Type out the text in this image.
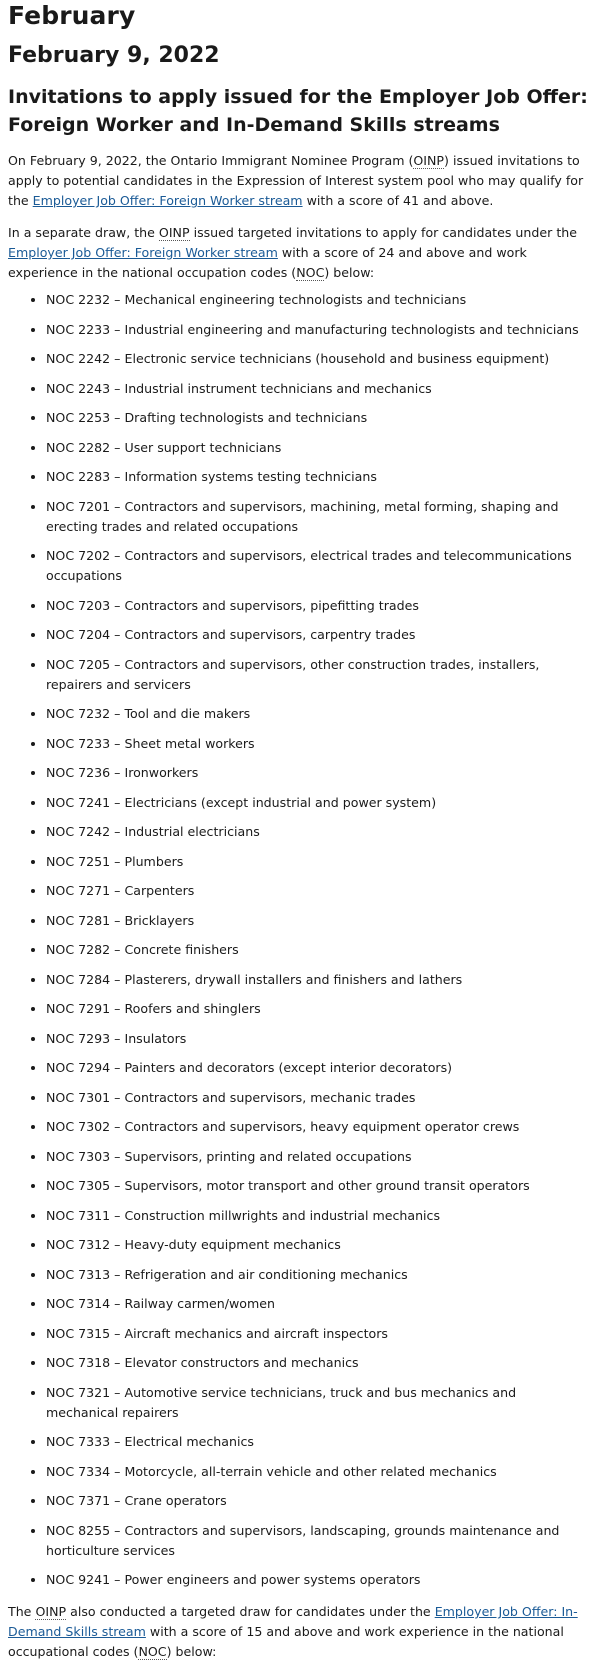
February
February 9, 2022
Invitations to apply issued for the Employer Job Offer: Foreign Worker and In-Demand Skills streams

On February 9, 2022, the Ontario Immigrant Nominee Program (OINP) issued invitations to apply to potential candidates in the Expression of Interest system pool who may qualify for the Employer Job Offer: Foreign Worker stream with a score of 41 and above.

In a separate draw, the OINP issued targeted invitations to apply for candidates under the Employer Job Offer: Foreign Worker stream with a score of 24 and above and work experience in the national occupation codes (NOC) below:

• NOC 2232 – Mechanical engineering technologists and technicians
• NOC 2233 – Industrial engineering and manufacturing technologists and technicians
• NOC 2242 – Electronic service technicians (household and business equipment)
• NOC 2243 – Industrial instrument technicians and mechanics
• NOC 2253 – Drafting technologists and technicians
• NOC 2282 – User support technicians
• NOC 2283 – Information systems testing technicians
• NOC 7201 – Contractors and supervisors, machining, metal forming, shaping and erecting trades and related occupations
• NOC 7202 – Contractors and supervisors, electrical trades and telecommunications occupations
• NOC 7203 – Contractors and supervisors, pipefitting trades
• NOC 7204 – Contractors and supervisors, carpentry trades
• NOC 7205 – Contractors and supervisors, other construction trades, installers, repairers and servicers
• NOC 7232 – Tool and die makers
• NOC 7233 – Sheet metal workers
• NOC 7236 – Ironworkers
• NOC 7241 – Electricians (except industrial and power system)
• NOC 7242 – Industrial electricians
• NOC 7251 – Plumbers
• NOC 7271 – Carpenters
• NOC 7281 – Bricklayers
• NOC 7282 – Concrete finishers
• NOC 7284 – Plasterers, drywall installers and finishers and lathers
• NOC 7291 – Roofers and shinglers
• NOC 7293 – Insulators
• NOC 7294 – Painters and decorators (except interior decorators)
• NOC 7301 – Contractors and supervisors, mechanic trades
• NOC 7302 – Contractors and supervisors, heavy equipment operator crews
• NOC 7303 – Supervisors, printing and related occupations
• NOC 7305 – Supervisors, motor transport and other ground transit operators
• NOC 7311 – Construction millwrights and industrial mechanics
• NOC 7312 – Heavy-duty equipment mechanics
• NOC 7313 – Refrigeration and air conditioning mechanics
• NOC 7314 – Railway carmen/women
• NOC 7315 – Aircraft mechanics and aircraft inspectors
• NOC 7318 – Elevator constructors and mechanics
• NOC 7321 – Automotive service technicians, truck and bus mechanics and mechanical repairers
• NOC 7333 – Electrical mechanics
• NOC 7334 – Motorcycle, all-terrain vehicle and other related mechanics
• NOC 7371 – Crane operators
• NOC 8255 – Contractors and supervisors, landscaping, grounds maintenance and horticulture services
• NOC 9241 – Power engineers and power systems operators

The OINP also conducted a targeted draw for candidates under the Employer Job Offer: In-Demand Skills stream with a score of 15 and above and work experience in the national occupational codes (NOC) below:
